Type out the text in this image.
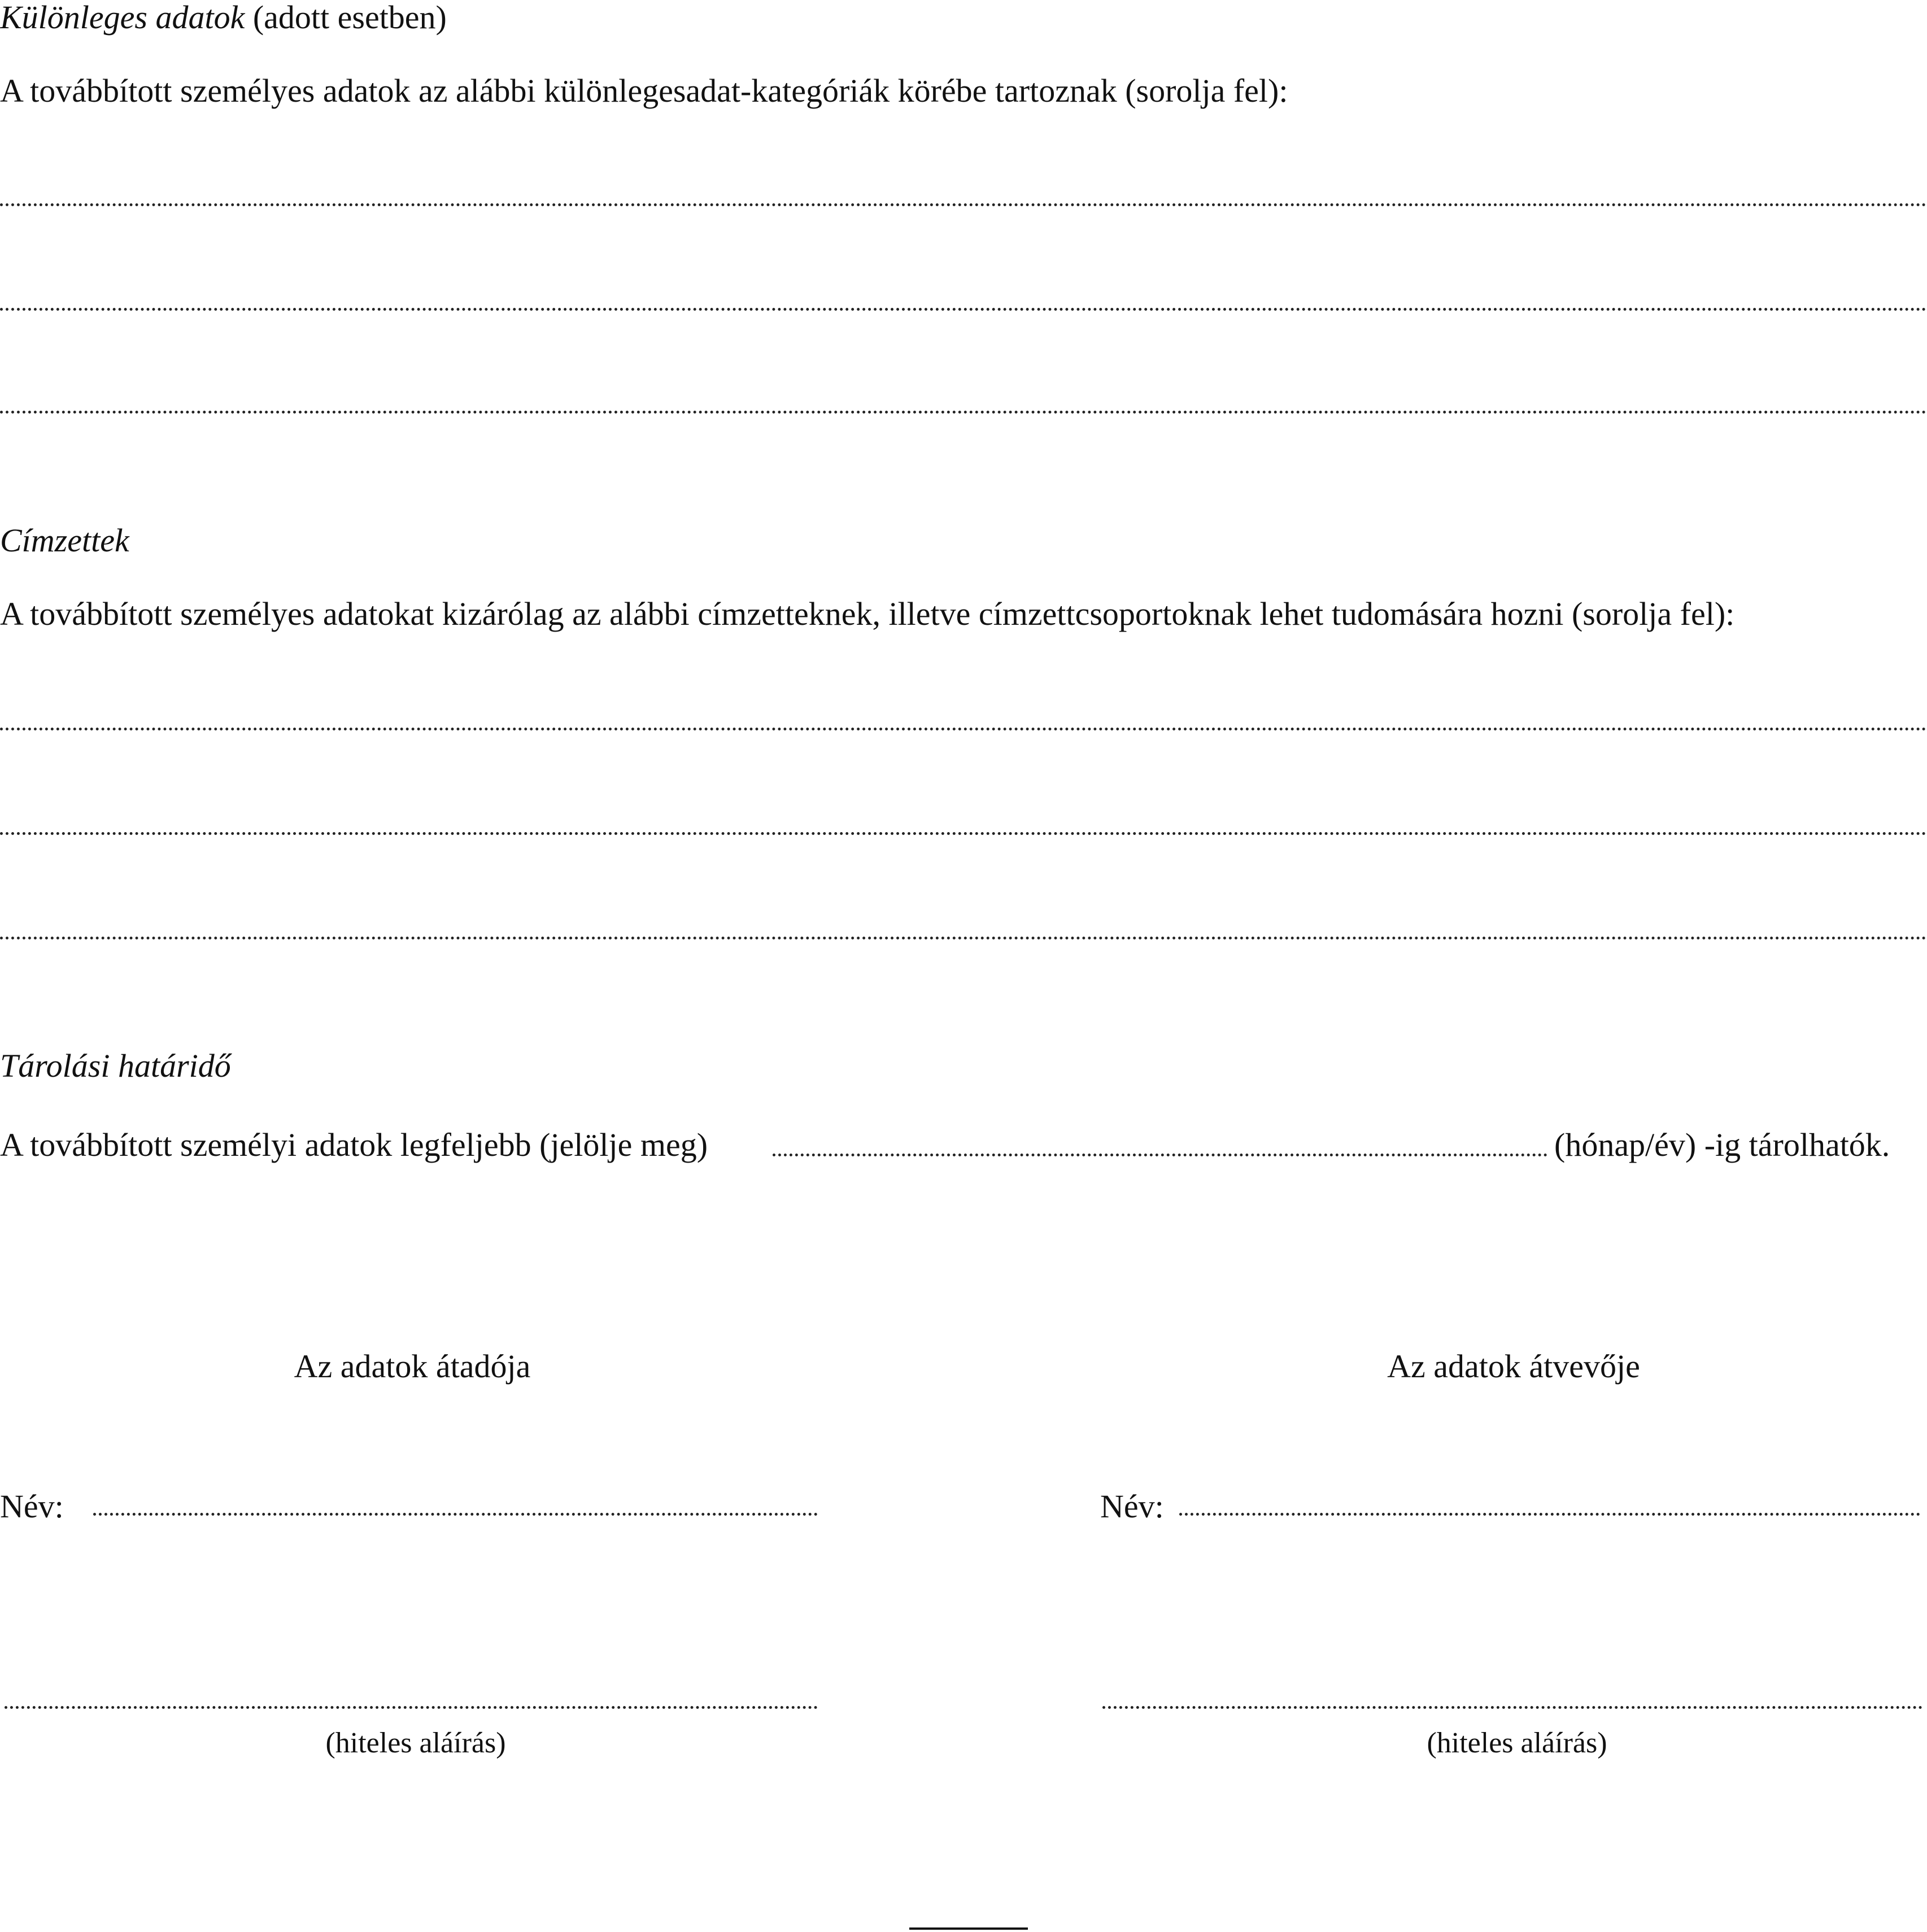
Különleges adatok (adott esetben)
A továbbított személyes adatok az alábbi különlegesadat-kategóriák körébe tartoznak (sorolja fel):
Címzettek
A továbbított személyes adatokat kizárólag az alábbi címzetteknek, illetve címzettcsoportoknak lehet tudomására hozni (sorolja fel):
Tárolási határidő
A továbbított személyi adatok legfeljebb (jelölje meg)	(hónap/év) -ig tárolhatók.
Az adatok átadója
Név:
(hiteles aláírás)
Az adatok átvevője
Név:
(hiteles aláírás)
